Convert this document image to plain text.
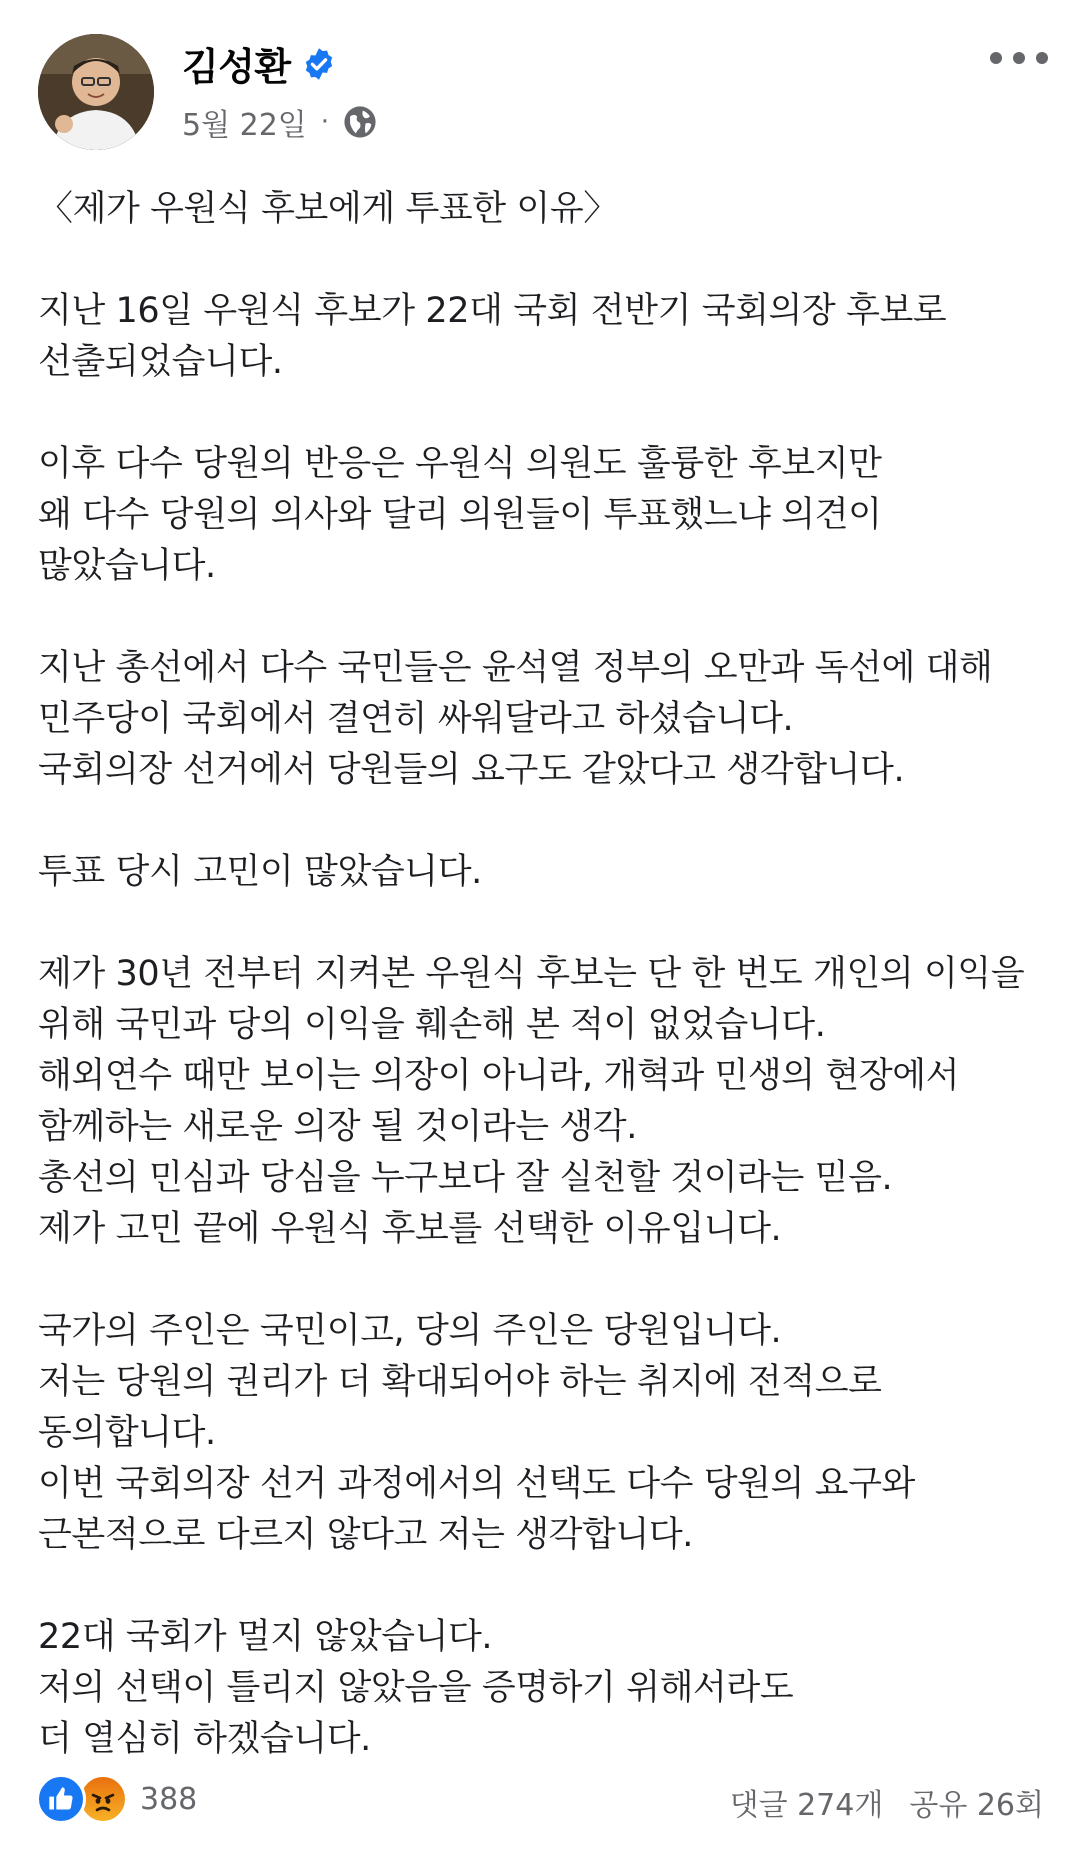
김성환
5월 22일 ·
〈제가 우원식 후보에게 투표한 이유〉
지난 16일 우원식 후보가 22대 국회 전반기 국회의장 후보로
선출되었습니다.
이후 다수 당원의 반응은 우원식 의원도 훌륭한 후보지만
왜 다수 당원의 의사와 달리 의원들이 투표했느냐 의견이
많았습니다.
지난 총선에서 다수 국민들은 윤석열 정부의 오만과 독선에 대해
민주당이 국회에서 결연히 싸워달라고 하셨습니다.
국회의장 선거에서 당원들의 요구도 같았다고 생각합니다.
투표 당시 고민이 많았습니다.
제가 30년 전부터 지켜본 우원식 후보는 단 한 번도 개인의 이익을
위해 국민과 당의 이익을 훼손해 본 적이 없었습니다.
해외연수 때만 보이는 의장이 아니라, 개혁과 민생의 현장에서
함께하는 새로운 의장 될 것이라는 생각.
총선의 민심과 당심을 누구보다 잘 실천할 것이라는 믿음.
제가 고민 끝에 우원식 후보를 선택한 이유입니다.
국가의 주인은 국민이고, 당의 주인은 당원입니다.
저는 당원의 권리가 더 확대되어야 하는 취지에 전적으로
동의합니다.
이번 국회의장 선거 과정에서의 선택도 다수 당원의 요구와
근본적으로 다르지 않다고 저는 생각합니다.
22대 국회가 멀지 않았습니다.
저의 선택이 틀리지 않았음을 증명하기 위해서라도
더 열심히 하겠습니다.
388	댓글 274개 공유 26회
